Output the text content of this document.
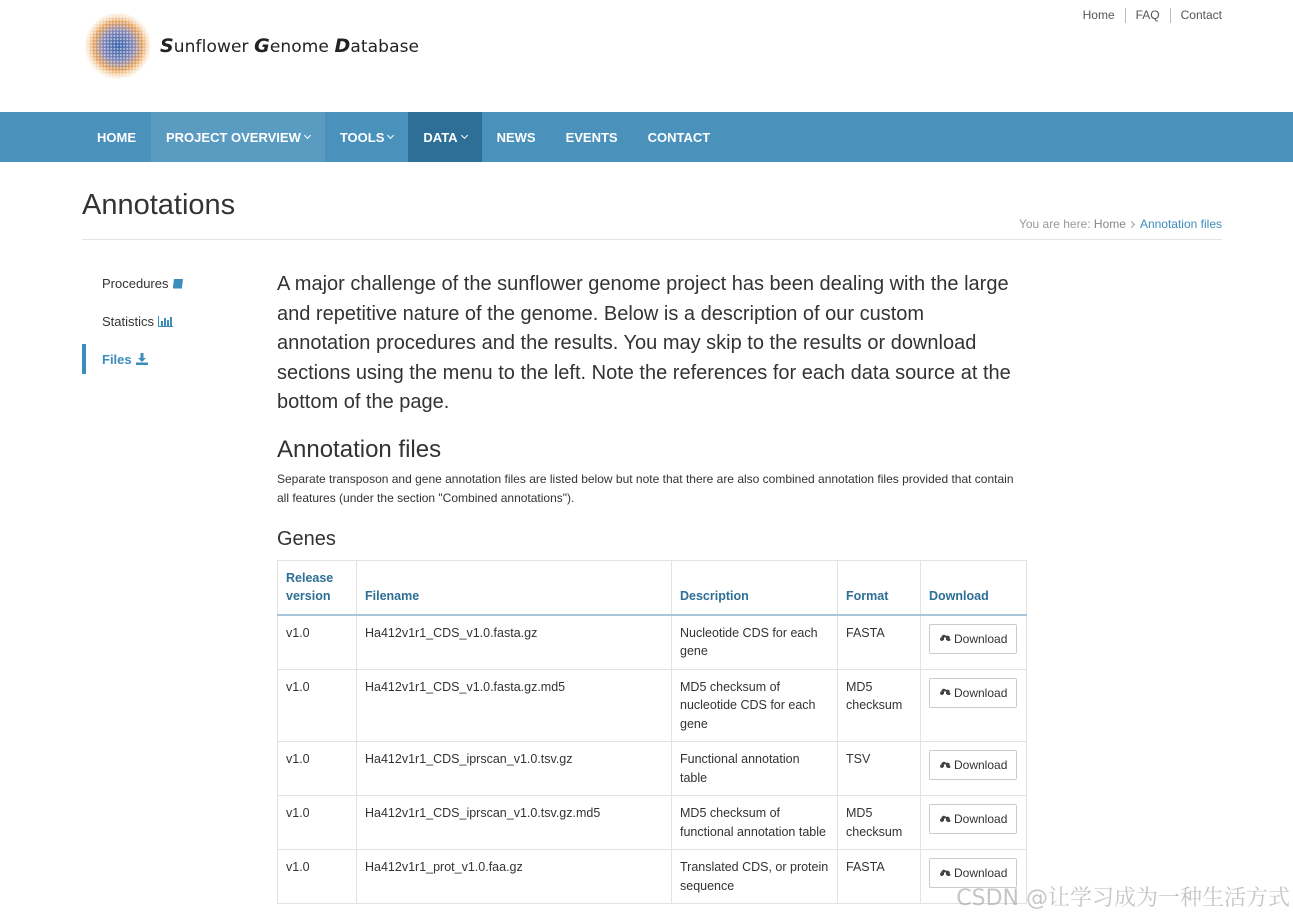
Home	FAQ	Contact
Sunflower Genome Database
HOME PROJECT OVERVIEW	TOOLS	DATA	NEWS EVENTS CONTACT
Annotations
You are here: Home Annotation files
Procedures
Statistics
Files

A major challenge of the sunflower genome project has been dealing with the large and repetitive nature of the genome. Below is a description of our custom annotation procedures and the results. You may skip to the results or download sections using the menu to the left. Note the references for each data source at the bottom of the page.

Annotation files

Separate transposon and gene annotation files are listed below but note that there are also combined annotation files provided that contain all features (under the section "Combined annotations").

Genes
Release version	Filename	Description	Format	Download
v1.0	Ha412v1r1_CDS_v1.0.fasta.gz	Nucleotide CDS for each gene	FASTA	Download

v1.0	Ha412v1r1_CDS_v1.0.fasta.gz.md5	MD5 checksum of nucleotide CDS for each gene	MD5 checksum	Download

v1.0	Ha412v1r1_CDS_iprscan_v1.0.tsv.gz	Functional annotation table	TSV	Download

v1.0	Ha412v1r1_CDS_iprscan_v1.0.tsv.gz.md5	MD5 checksum of functional annotation table	MD5 checksum	Download

v1.0	Ha412v1r1_prot_v1.0.faa.gz	Translated CDS, or protein sequence	FASTA	Download
CSDN @让学习成为一种生活方式
